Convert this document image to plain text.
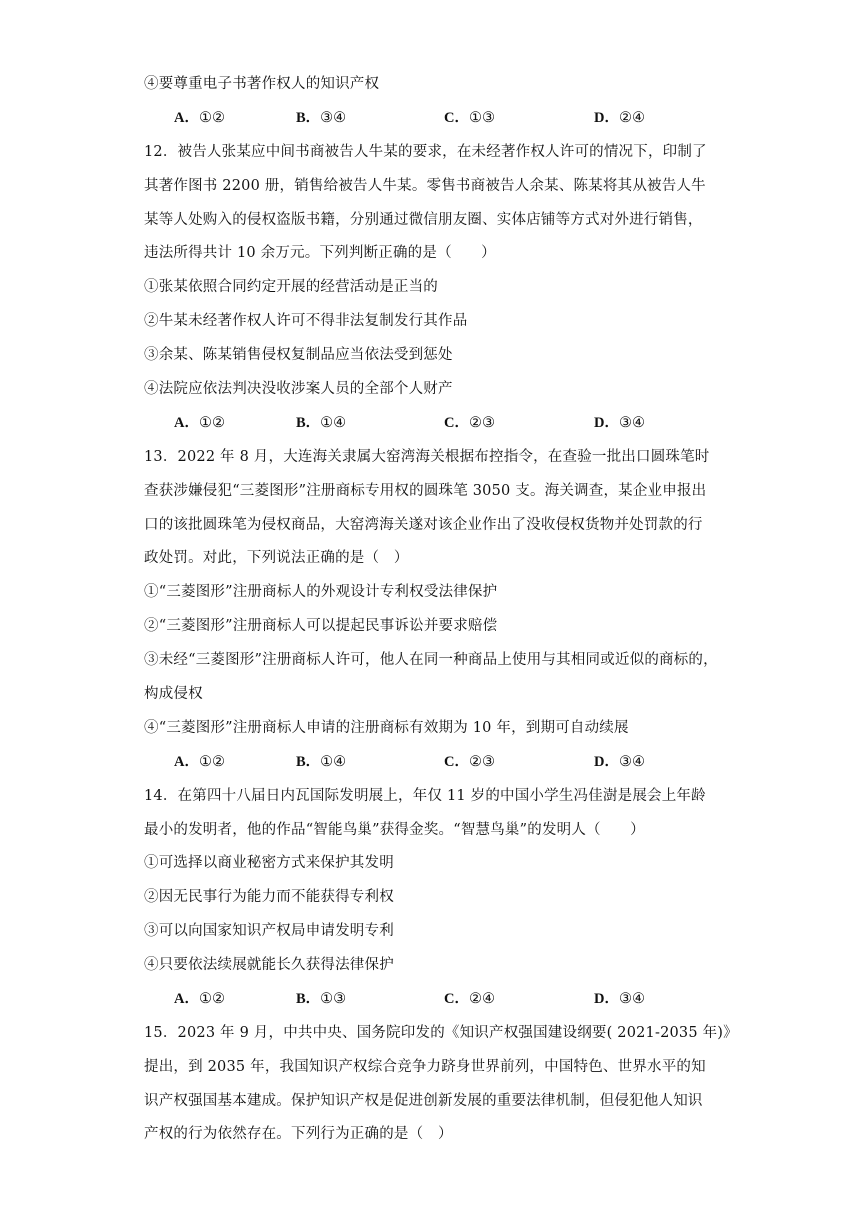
④要尊重电子书著作权人的知识产权
A．①②	B．③④	C．①③	D．②④
12．被告人张某应中间书商被告人牛某的要求，在未经著作权人许可的情况下，印制了
其著作图书 2200 册，销售给被告人牛某。零售书商被告人余某、陈某将其从被告人牛
某等人处购入的侵权盗版书籍，分别通过微信朋友圈、实体店铺等方式对外进行销售，
违法所得共计 10 余万元。下列判断正确的是（　　）
①张某依照合同约定开展的经营活动是正当的
②牛某未经著作权人许可不得非法复制发行其作品
③余某、陈某销售侵权复制品应当依法受到惩处
④法院应依法判决没收涉案人员的全部个人财产
A．①②	B．①④	C．②③	D．③④
13．2022 年 8 月，大连海关隶属大窑湾海关根据布控指令，在查验一批出口圆珠笔时
查获涉嫌侵犯“三菱图形”注册商标专用权的圆珠笔 3050 支。海关调查，某企业申报出
口的该批圆珠笔为侵权商品，大窑湾海关遂对该企业作出了没收侵权货物并处罚款的行
政处罚。对此，下列说法正确的是（　）
①“三菱图形”注册商标人的外观设计专利权受法律保护
②“三菱图形”注册商标人可以提起民事诉讼并要求赔偿
③未经“三菱图形”注册商标人许可，他人在同一种商品上使用与其相同或近似的商标的，
构成侵权
④“三菱图形”注册商标人申请的注册商标有效期为 10 年，到期可自动续展
A．①②	B．①④	C．②③	D．③④
14．在第四十八届日内瓦国际发明展上，年仅 11 岁的中国小学生冯佳澍是展会上年龄
最小的发明者，他的作品“智能鸟巢”获得金奖。“智慧鸟巢”的发明人（　　）
①可选择以商业秘密方式来保护其发明
②因无民事行为能力而不能获得专利权
③可以向国家知识产权局申请发明专利
④只要依法续展就能长久获得法律保护
A．①②	B．①③	C．②④	D．③④
15．2023 年 9 月，中共中央、国务院印发的《知识产权强国建设纲要( 2021-2035 年)》
提出，到 2035 年，我国知识产权综合竞争力跻身世界前列，中国特色、世界水平的知
识产权强国基本建成。保护知识产权是促进创新发展的重要法律机制，但侵犯他人知识
产权的行为依然存在。下列行为正确的是（　）
